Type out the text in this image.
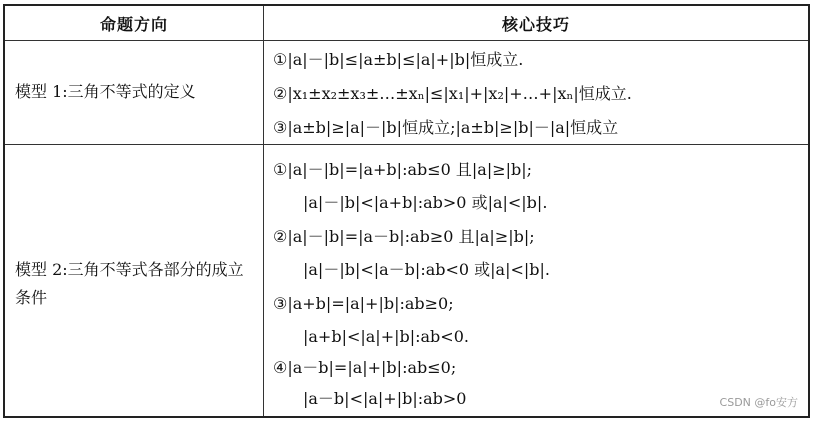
命题方向	核心技巧
模型 1:三角不等式的定义
①|a|－|b|≤|a±b|≤|a|+|b|恒成立.
②|x₁±x₂±x₃±…±xₙ|≤|x₁|+|x₂|+…+|xₙ|恒成立.
③|a±b|≥|a|－|b|恒成立;|a±b|≥|b|－|a|恒成立
模型 2:三角不等式各部分的成立条件
①|a|－|b|=|a+b|:ab≤0 且|a|≥|b|;
|a|－|b|<|a+b|:ab>0 或|a|<|b|.
②|a|－|b|=|a－b|:ab≥0 且|a|≥|b|;
|a|－|b|<|a－b|:ab<0 或|a|<|b|.
③|a+b|=|a|+|b|:ab≥0;
|a+b|<|a|+|b|:ab<0.
④|a－b|=|a|+|b|:ab≤0;
|a－b|<|a|+|b|:ab>0	CSDN @fo安方
